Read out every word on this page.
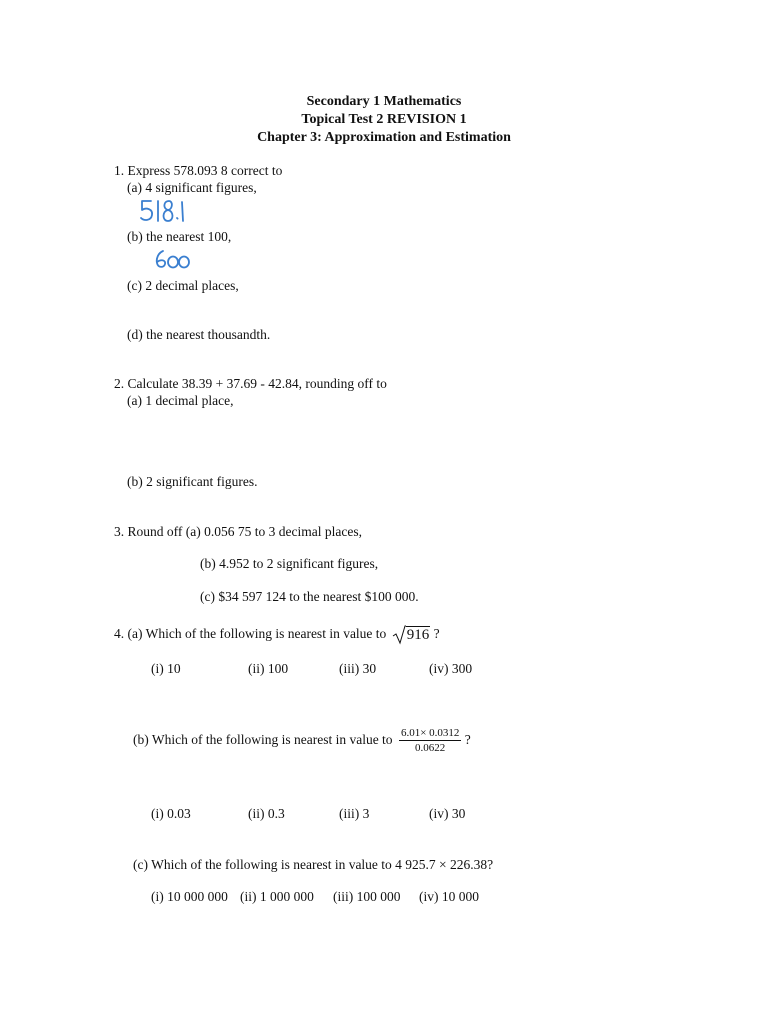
Secondary 1 Mathematics
Topical Test 2 REVISION 1
Chapter 3: Approximation and Estimation
1. Express 578.093 8 correct to
(a) 4 significant figures,
(b) the nearest 100,
(c) 2 decimal places,
(d) the nearest thousandth.
2. Calculate 38.39 + 37.69 - 42.84, rounding off to
(a) 1 decimal place,
(b) 2 significant figures.
3. Round off (a) 0.056 75 to 3 decimal places,
(b) 4.952 to 2 significant figures,
(c) $34 597 124 to the nearest $100 000.
4. (a) Which of the following is nearest in value to 916 ?
(i) 10	(ii) 100	(iii) 30	(iv) 300
(b) Which of the following is nearest in value to $\frac{6.01\times 0.0312}{0.0622}$ ?
(i) 0.03	(ii) 0.3	(iii) 3	(iv) 30
(c) Which of the following is nearest in value to 4 925.7 × 226.38?
(i) 10 000 000 (ii) 1 000 000 (iii) 100 000 (iv) 10 000
